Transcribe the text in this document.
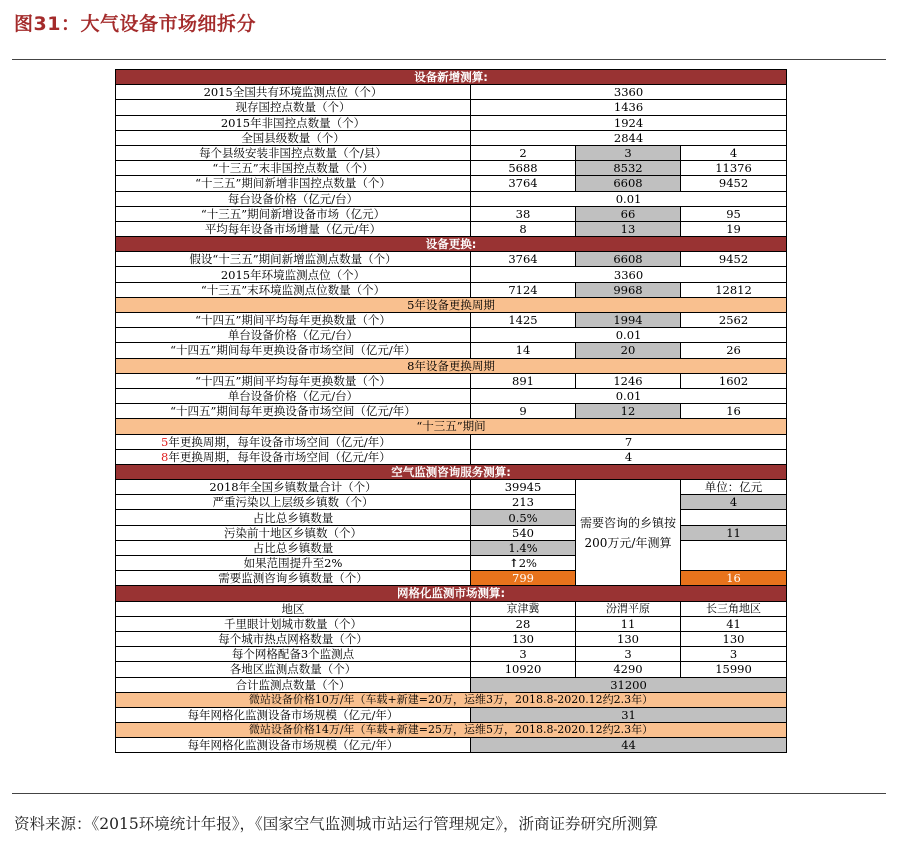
图31：大气设备市场细拆分
设备新增测算:			
2015全国共有环境监测点位（个）	3360		
现存国控点数量（个）	1436		
2015年非国控点数量（个）	1924		
全国县级数量（个）	2844		
每个县级安装非国控点数量（个/县）	2	3	4
“十三五”末非国控点数量（个）	5688	8532	11376
“十三五”期间新增非国控点数量（个）	3764	6608	9452
每台设备价格（亿元/台）	0.01		
“十三五”期间新增设备市场（亿元）	38	66	95
平均每年设备市场增量（亿元/年）	8	13	19
设备更换:			
假设“十三五”期间新增监测点数量（个）	3764	6608	9452
2015年环境监测点位（个）	3360		
“十三五”末环境监测点位数量（个）	7124	9968	12812
5年设备更换周期			
“十四五”期间平均每年更换数量（个）	1425	1994	2562
单台设备价格（亿元/台）	0.01		
“十四五”期间每年更换设备市场空间（亿元/年）	14	20	26
8年设备更换周期			
“十四五”期间平均每年更换数量（个）	891	1246	1602
单台设备价格（亿元/台）	0.01		
“十四五”期间每年更换设备市场空间（亿元/年）	9	12	16
“十三五”期间			
5年更换周期，每年设备市场空间（亿元/年）	7		
8年更换周期，每年设备市场空间（亿元/年）	4		
空气监测咨询服务测算:			
2018年全国乡镇数量合计（个）	39945	需要咨询的乡镇按200万元/年测算	单位：亿元
严重污染以上层级乡镇数（个）	213		4
占比总乡镇数量	0.5%		
污染前十地区乡镇数（个）	540		11
占比总乡镇数量	1.4%		
如果范围提升至2%	↑2%		
需要监测咨询乡镇数量（个）	799		16
网格化监测市场测算:			
地区	京津冀	汾渭平原	长三角地区
千里眼计划城市数量（个）	28	11	41
每个城市热点网格数量（个）	130	130	130
每个网格配备3个监测点	3	3	3
各地区监测点数量（个）	10920	4290	15990
合计监测点数量（个）	31200		
微站设备价格10万/年（车载+新建=20万，运维3万，2018.8-2020.12约2.3年）			
每年网格化监测设备市场规模（亿元/年）	31		
微站设备价格14万/年（车载+新建=25万，运维5万，2018.8-2020.12约2.3年）			
每年网格化监测设备市场规模（亿元/年）	44		
资料来源：《2015环境统计年报》，《国家空气监测城市站运行管理规定》，浙商证券研究所测算
